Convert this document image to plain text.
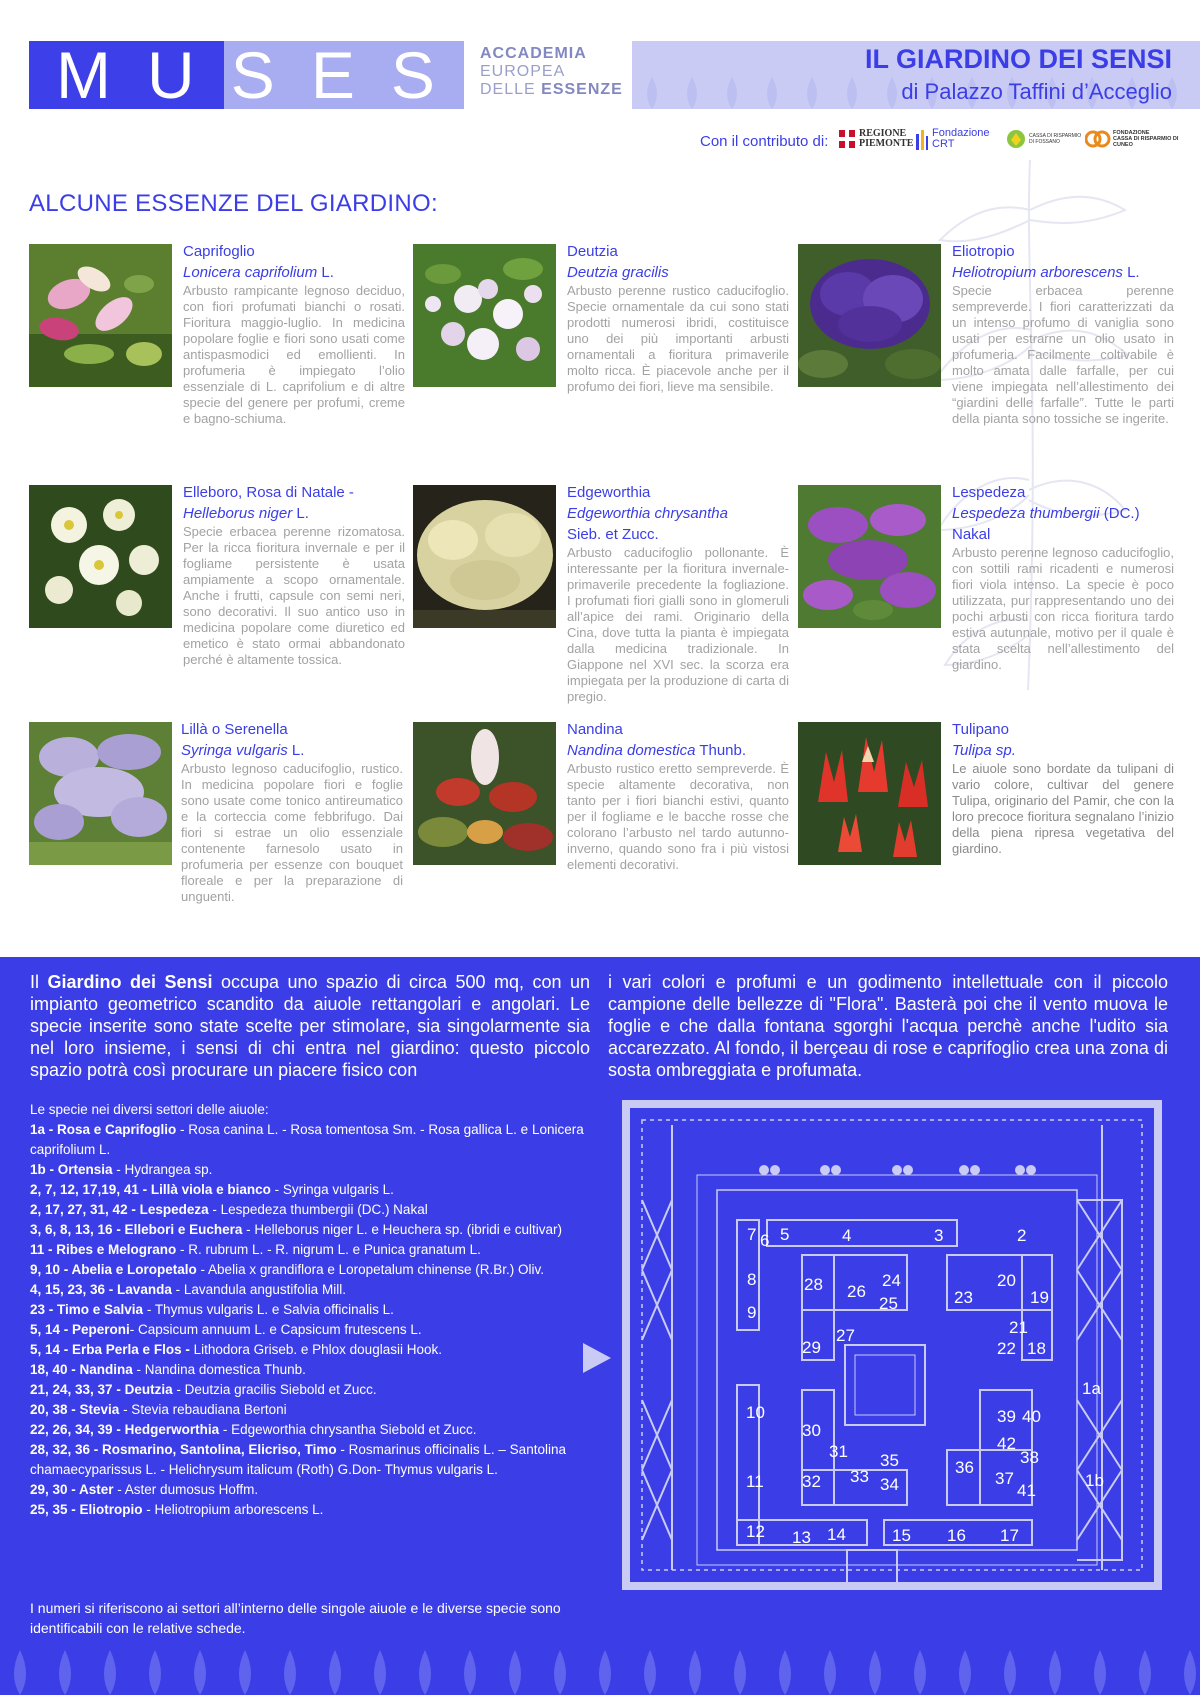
M U S E S	ACCADEMIA
EUROPEA
DELLE ESSENZE
IL GIARDINO DEI SENSI
di Palazzo Taffini d’Acceglio
Con il contributo di:	REGIONE
PIEMONTE
Fondazione
CRT
CASSA DI RISPARMIO
DI FOSSANO
FONDAZIONE
CASSA DI RISPARMIO DI CUNEO
ALCUNE ESSENZE DEL GIARDINO:
Caprifoglio
Lonicera caprifolium L.
Arbusto rampicante legnoso deciduo, con fiori profumati bianchi o rosati. Fioritura maggio-luglio. In medicina popolare foglie e fiori sono usati come antispasmodici ed emollienti. In profumeria è impiegato l’olio essenziale di L. caprifolium e di altre specie del genere per profumi, creme e bagno-schiuma.
Deutzia
Deutzia gracilis
Arbusto perenne rustico caducifoglio. Specie ornamentale da cui sono stati prodotti numerosi ibridi, costituisce uno dei più importanti arbusti ornamentali a fioritura primaverile molto ricca. È piacevole anche per il profumo dei fiori, lieve ma sensibile.
Eliotropio
Heliotropium arborescens L.
Specie erbacea perenne sempreverde. I fiori caratterizzati da un intenso profumo di vaniglia sono usati per estrarne un olio usato in profumeria. Facilmente coltivabile è molto amata dalle farfalle, per cui viene impiegata nell’allestimento dei “giardini delle farfalle”. Tutte le parti della pianta sono tossiche se ingerite.
Elleboro, Rosa di Natale -
Helleborus niger L.
Specie erbacea perenne rizomatosa. Per la ricca fioritura invernale e per il fogliame persistente è usata ampiamente a scopo ornamentale. Anche i frutti, capsule con semi neri, sono decorativi. Il suo antico uso in medicina popolare come diuretico ed emetico è stato ormai abbandonato perché è altamente tossica.
Edgeworthia
Edgeworthia chrysantha
Sieb. et Zucc.
Arbusto caducifoglio pollonante. È interessante per la fioritura invernale-primaverile precedente la fogliazione. I profumati fiori gialli sono in glomeruli all’apice dei rami. Originario della Cina, dove tutta la pianta è impiegata dalla medicina tradizionale. In Giappone nel XVI sec. la scorza era impiegata per la produzione di carta di pregio.
Lespedeza
Lespedeza thumbergii (DC.)
Nakal
Arbusto perenne legnoso caducifoglio, con sottili rami ricadenti e numerosi fiori viola intenso. La specie è poco utilizzata, pur rappresentando uno dei pochi arbusti con ricca fioritura tardo estiva autunnale, motivo per il quale è stata scelta nell’allestimento del giardino.
Lillà o Serenella
Syringa vulgaris L.
Arbusto legnoso caducifoglio, rustico. In medicina popolare fiori e foglie sono usate come tonico antireumatico e la corteccia come febbrifugo. Dai fiori si estrae un olio essenziale contenente farnesolo usato in profumeria per essenze con bouquet floreale e per la preparazione di unguenti.
Nandina
Nandina domestica Thunb.
Arbusto rustico eretto sempreverde. È specie altamente decorativa, non tanto per i fiori bianchi estivi, quanto per il fogliame e le bacche rosse che colorano l’arbusto nel tardo autunno-inverno, quando sono fra i più vistosi elementi decorativi.
Tulipano
Tulipa sp.
Le aiuole sono bordate da tulipani di vario colore, cultivar del genere Tulipa, originario del Pamir, che con la loro precoce fioritura segnalano l’inizio della piena ripresa vegetativa del giardino.
Il Giardino dei Sensi occupa uno spazio di circa 500 mq, con un impianto geometrico scandito da aiuole rettangolari e angolari. Le specie inserite sono state scelte per stimolare, sia singolarmente sia nel loro insieme, i sensi di chi entra nel giardino: questo piccolo spazio potrà così procurare un piacere fisico con
i vari colori e profumi e un godimento intellettuale con il piccolo campione delle bellezze di "Flora". Basterà poi che il vento muova le foglie e che dalla fontana sgorghi l'acqua perchè anche l'udito sia accarezzato. Al fondo, il berçeau di rose e caprifoglio crea una zona di sosta ombreggiata e profumata.
Le specie nei diversi settori delle aiuole:
1a - Rosa e Caprifoglio - Rosa canina L. - Rosa tomentosa Sm. - Rosa gallica L. e Lonicera caprifolium L.
1b - Ortensia - Hydrangea sp.
2, 7, 12, 17,19, 41 - Lillà viola e bianco - Syringa vulgaris L.
2, 17, 27, 31, 42 - Lespedeza - Lespedeza thumbergii (DC.) Nakal
3, 6, 8, 13, 16 - Ellebori e Euchera - Helleborus niger L. e Heuchera sp. (ibridi e cultivar)
11 - Ribes e Melograno - R. rubrum L. - R. nigrum L. e Punica granatum L.
9, 10 - Abelia e Loropetalo - Abelia x grandiflora e Loropetalum chinense (R.Br.) Oliv.
4, 15, 23, 36 - Lavanda - Lavandula angustifolia Mill.
23 - Timo e Salvia - Thymus vulgaris L. e Salvia officinalis L.
5, 14 - Peperoni- Capsicum annuum L. e Capsicum frutescens L.
5, 14 - Erba Perla e Flos - Lithodora Griseb. e Phlox douglasii Hook.
18, 40 - Nandina - Nandina domestica Thunb.
21, 24, 33, 37 - Deutzia - Deutzia gracilis Siebold et Zucc.
20, 38 - Stevia - Stevia rebaudiana Bertoni
22, 26, 34, 39 - Hedgerworthia - Edgeworthia chrysantha Siebold et Zucc.
28, 32, 36 - Rosmarino, Santolina, Elicriso, Timo - Rosmarinus officinalis L. – Santolina chamaecyparissus L. - Helichrysum italicum (Roth) G.Don- Thymus vulgaris L.
29, 30 - Aster - Aster dumosus Hoffm.
25, 35 - Eliotropio - Heliotropium arborescens L.
I numeri si riferiscono ai settori all’interno delle singole aiuole e le diverse specie sono identificabili con le relative schede.
7 6 5	4	3	2
8
9
28 26
24
25	23
20
19
21
22 18
29
27
1a
10
30
31 35
33 34
32
11
39 40
42
38
36
37
41
1b
12 13 14	15 16 17
